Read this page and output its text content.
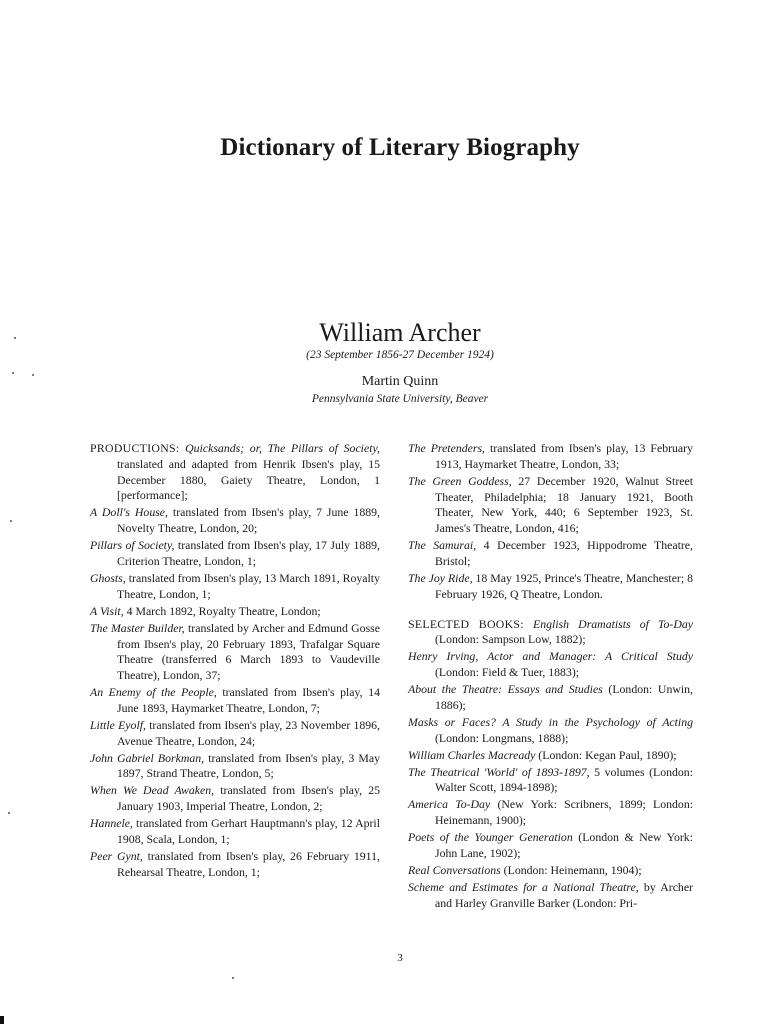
Dictionary of Literary Biography
William Archer
(23 September 1856-27 December 1924)
Martin Quinn
Pennsylvania State University, Beaver

PRODUCTIONS: Quicksands; or, The Pillars of Society, translated and adapted from Henrik Ibsen's play, 15 December 1880, Gaiety Theatre, London, 1 [performance];

A Doll's House, translated from Ibsen's play, 7 June 1889, Novelty Theatre, London, 20;

Pillars of Society, translated from Ibsen's play, 17 July 1889, Criterion Theatre, London, 1;

Ghosts, translated from Ibsen's play, 13 March 1891, Royalty Theatre, London, 1;

A Visit, 4 March 1892, Royalty Theatre, London;

The Master Builder, translated by Archer and Edmund Gosse from Ibsen's play, 20 February 1893, Trafalgar Square Theatre (transferred 6 March 1893 to Vaudeville Theatre), London, 37;

An Enemy of the People, translated from Ibsen's play, 14 June 1893, Haymarket Theatre, London, 7;

Little Eyolf, translated from Ibsen's play, 23 November 1896, Avenue Theatre, London, 24;

John Gabriel Borkman, translated from Ibsen's play, 3 May 1897, Strand Theatre, London, 5;

When We Dead Awaken, translated from Ibsen's play, 25 January 1903, Imperial Theatre, London, 2;

Hannele, translated from Gerhart Hauptmann's play, 12 April 1908, Scala, London, 1;

Peer Gynt, translated from Ibsen's play, 26 February 1911, Rehearsal Theatre, London, 1;

The Pretenders, translated from Ibsen's play, 13 February 1913, Haymarket Theatre, London, 33;

The Green Goddess, 27 December 1920, Walnut Street Theater, Philadelphia; 18 January 1921, Booth Theater, New York, 440; 6 September 1923, St. James's Theatre, London, 416;

The Samurai, 4 December 1923, Hippodrome Theatre, Bristol;

The Joy Ride, 18 May 1925, Prince's Theatre, Manchester; 8 February 1926, Q Theatre, London.

SELECTED BOOKS: English Dramatists of To-Day (London: Sampson Low, 1882);

Henry Irving, Actor and Manager: A Critical Study (London: Field & Tuer, 1883);

About the Theatre: Essays and Studies (London: Unwin, 1886);

Masks or Faces? A Study in the Psychology of Acting (London: Longmans, 1888);

William Charles Macready (London: Kegan Paul, 1890);

The Theatrical 'World' of 1893-1897, 5 volumes (London: Walter Scott, 1894-1898);

America To-Day (New York: Scribners, 1899; London: Heinemann, 1900);

Poets of the Younger Generation (London & New York: John Lane, 1902);

Real Conversations (London: Heinemann, 1904);

Scheme and Estimates for a National Theatre, by Archer and Harley Granville Barker (London: Pri-

3
